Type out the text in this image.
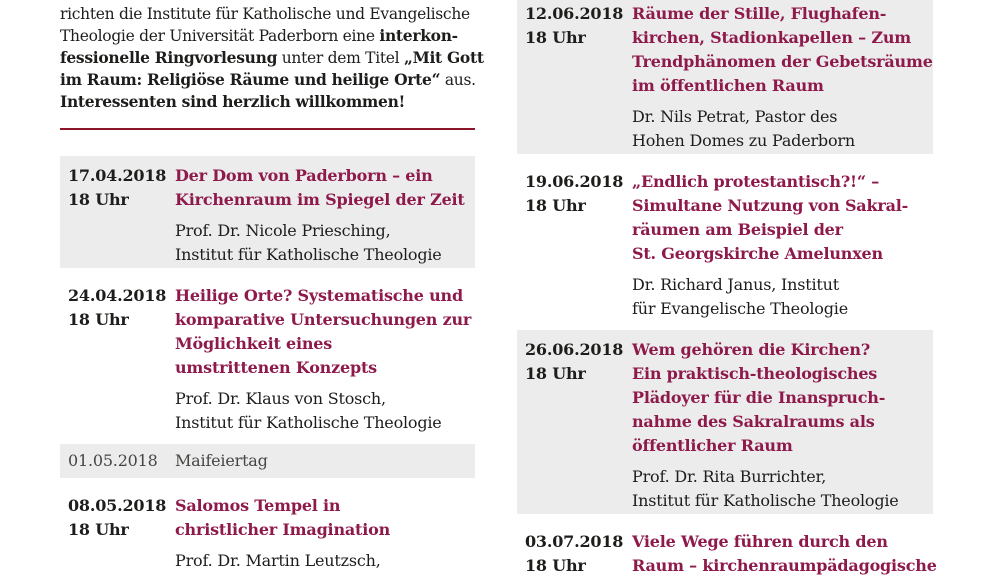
richten die Institute für Katholische und Evangelische
Theologie der Universität Paderborn eine interkon-
fessionelle Ringvorlesung unter dem Titel „Mit Gott
im Raum: Religiöse Räume und heilige Orte“ aus.

Interessenten sind herzlich willkommen!

17.04.2018
18 Uhr
Der Dom von Paderborn – ein
Kirchenraum im Spiegel der Zeit
Prof. Dr. Nicole Priesching,
Institut für Katholische Theologie
24.04.2018
18 Uhr
Heilige Orte? Systematische und
komparative Untersuchungen zur
Möglichkeit eines
umstrittenen Konzepts
Prof. Dr. Klaus von Stosch,
Institut für Katholische Theologie
01.05.2018	Maifeiertag
08.05.2018
18 Uhr
Salomos Tempel in
christlicher Imagination
Prof. Dr. Martin Leutzsch,
12.06.2018
18 Uhr
Räume der Stille, Flughafen-
kirchen, Stadionkapellen – Zum
Trendphänomen der Gebetsräume
im öffentlichen Raum
Dr. Nils Petrat, Pastor des
Hohen Domes zu Paderborn
19.06.2018
18 Uhr
„Endlich protestantisch?!“ –
Simultane Nutzung von Sakral-
räumen am Beispiel der
St. Georgskirche Amelunxen
Dr. Richard Janus, Institut
für Evangelische Theologie
26.06.2018
18 Uhr
Wem gehören die Kirchen?
Ein praktisch-theologisches
Plädoyer für die Inanspruch-
nahme des Sakralraums als
öffentlicher Raum
Prof. Dr. Rita Burrichter,
Institut für Katholische Theologie
03.07.2018
18 Uhr
Viele Wege führen durch den
Raum – kirchenraumpädagogische
